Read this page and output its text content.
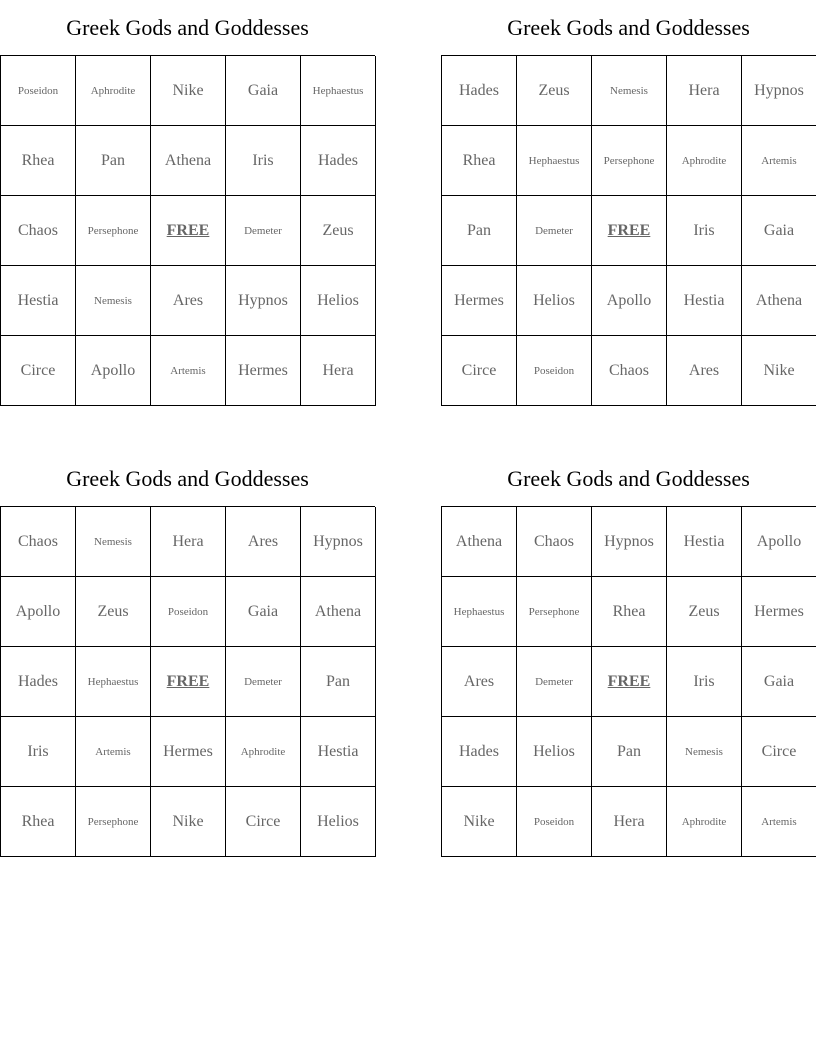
Greek Gods and Goddesses
Poseidon	Aphrodite	Nike	Gaia	Hephaestus
Rhea	Pan	Athena	Iris	Hades
Chaos	Persephone	FREE	Demeter	Zeus
Hestia	Nemesis	Ares	Hypnos	Helios
Circe	Apollo	Artemis	Hermes	Hera
Greek Gods and Goddesses
Hades	Zeus	Nemesis	Hera	Hypnos
Rhea	Hephaestus	Persephone	Aphrodite	Artemis
Pan	Demeter	FREE	Iris	Gaia
Hermes	Helios	Apollo	Hestia	Athena
Circe	Poseidon	Chaos	Ares	Nike
Greek Gods and Goddesses
Chaos	Nemesis	Hera	Ares	Hypnos
Apollo	Zeus	Poseidon	Gaia	Athena
Hades	Hephaestus	FREE	Demeter	Pan
Iris	Artemis	Hermes	Aphrodite	Hestia
Rhea	Persephone	Nike	Circe	Helios
Greek Gods and Goddesses
Athena	Chaos	Hypnos	Hestia	Apollo
Hephaestus	Persephone	Rhea	Zeus	Hermes
Ares	Demeter	FREE	Iris	Gaia
Hades	Helios	Pan	Nemesis	Circe
Nike	Poseidon	Hera	Aphrodite	Artemis
